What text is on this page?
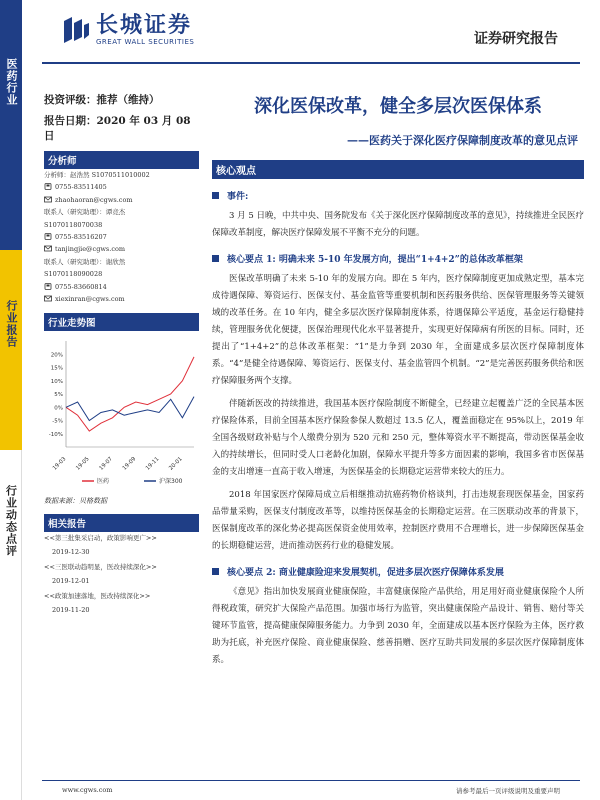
医药行业
行业报告
行业动态点评
长城证券
GREAT WALL SECURITIES	证券研究报告
投资评级：推荐（维持）
报告日期：2020 年 03 月 08 日
分析师
分析师：赵浩然 S1070511010002
0755-83511405
zhaohaoran@cgws.com
联系人（研究助理）：谭竞杰
S1070118070038
0755-83516207
tanjingjie@cgws.com
联系人（研究助理）：谢欣然
S1070118090028
0755-83660814
xiexinran@cgws.com
行业走势图
-10%
-5%
0%
5%
10%
15%
20%
19-03 19-05 19-07 19-09 19-11 20-01
医药	沪深300
数据来源：贝格数据
相关报告
<<第三批集采启动，政策影响更广>>
2019-12-30
<<三医联动趋明显，医改持续深化>>
2019-12-01
<<政策加速落地，医改持续深化>>
2019-11-20
深化医保改革，健全多层次医保体系
——医药关于深化医疗保障制度改革的意见点评
核心观点
事件:

3 月 5 日晚，中共中央、国务院发布《关于深化医疗保障制度改革的意见》，持续推进全民医疗保障改革制度，解决医疗保障发展不平衡不充分的问题。

核心要点 1: 明确未来 5-10 年发展方向，提出“1+4+2”的总体改革框架

医保改革明确了未来 5-10 年的发展方向。即在 5 年内，医疗保障制度更加成熟定型，基本完成待遇保障、筹资运行、医保支付、基金监管等重要机制和医药服务供给、医保管理服务等关键领域的改革任务。在 10 年内，健全多层次医疗保障制度体系，待遇保障公平适度，基金运行稳健持续，管理服务优化便捷，医保治理现代化水平显著提升，实现更好保障病有所医的目标。同时，还提出了“1+4+2”的总体改革框架：“1”是力争到 2030 年，全面建成多层次医疗保障制度体系。“4”是健全待遇保障、筹资运行、医保支付、基金监管四个机制。“2”是完善医药服务供给和医疗保障服务两个支撑。

伴随新医改的持续推进，我国基本医疗保险制度不断健全，已经建立起覆盖广泛的全民基本医疗保险体系，目前全国基本医疗保险参保人数超过 13.5 亿人，覆盖面稳定在 95%以上，2019 年全国各级财政补贴与个人缴费分别为 520 元和 250 元，整体筹资水平不断提高，带动医保基金收入的持续增长，但同时受人口老龄化加剧，保障水平提升等多方面因素的影响，我国多省市医保基金的支出增速一直高于收入增速，为医保基金的长期稳定运营带来较大的压力。

2018 年国家医疗保障局成立后相继推动抗癌药物价格谈判，打击违规套现医保基金，国家药品带量采购，医保支付制度改革等，以维持医保基金的长期稳定运营。在三医联动改革的背景下，医保制度改革的深化势必提高医保资金使用效率，控制医疗费用不合理增长，进一步保障医保基金的长期稳健运营，进而推动医药行业的稳健发展。

核心要点 2: 商业健康险迎来发展契机，促进多层次医疗保障体系发展

《意见》指出加快发展商业健康保险，丰富健康保险产品供给，用足用好商业健康保险个人所得税政策，研究扩大保险产品范围。加强市场行为监管，突出健康保险产品设计、销售、赔付等关键环节监管，提高健康保障服务能力。力争到 2030 年，全面建成以基本医疗保险为主体，医疗救助为托底，补充医疗保险、商业健康保险、慈善捐赠、医疗互助共同发展的多层次医疗保障制度体系。

www.cgws.com	请参考最后一页评级说明及重要声明
